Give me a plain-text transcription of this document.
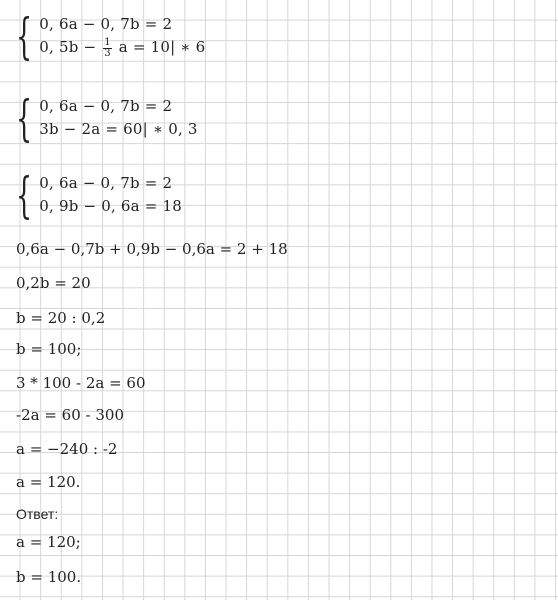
{ 0, 6a − 0, 7b = 2
0, $5b - \frac{1}{3}$ a = 10| ∗ 6
{ 0, 6a − 0, 7b = 2
3b − 2a = 60| ∗ 0, 3
{ 0, 6a − 0, 7b = 2
0, 9b − 0, 6a = 18
0,6a − 0,7b + 0,9b − 0,6a = 2 + 18
0,2b = 20
b = 20 : 0,2
b = 100;
3 * 100 - 2a = 60
-2a = 60 - 300
a = −240 : -2
a = 120.
Ответ:
a = 120;
b = 100.
